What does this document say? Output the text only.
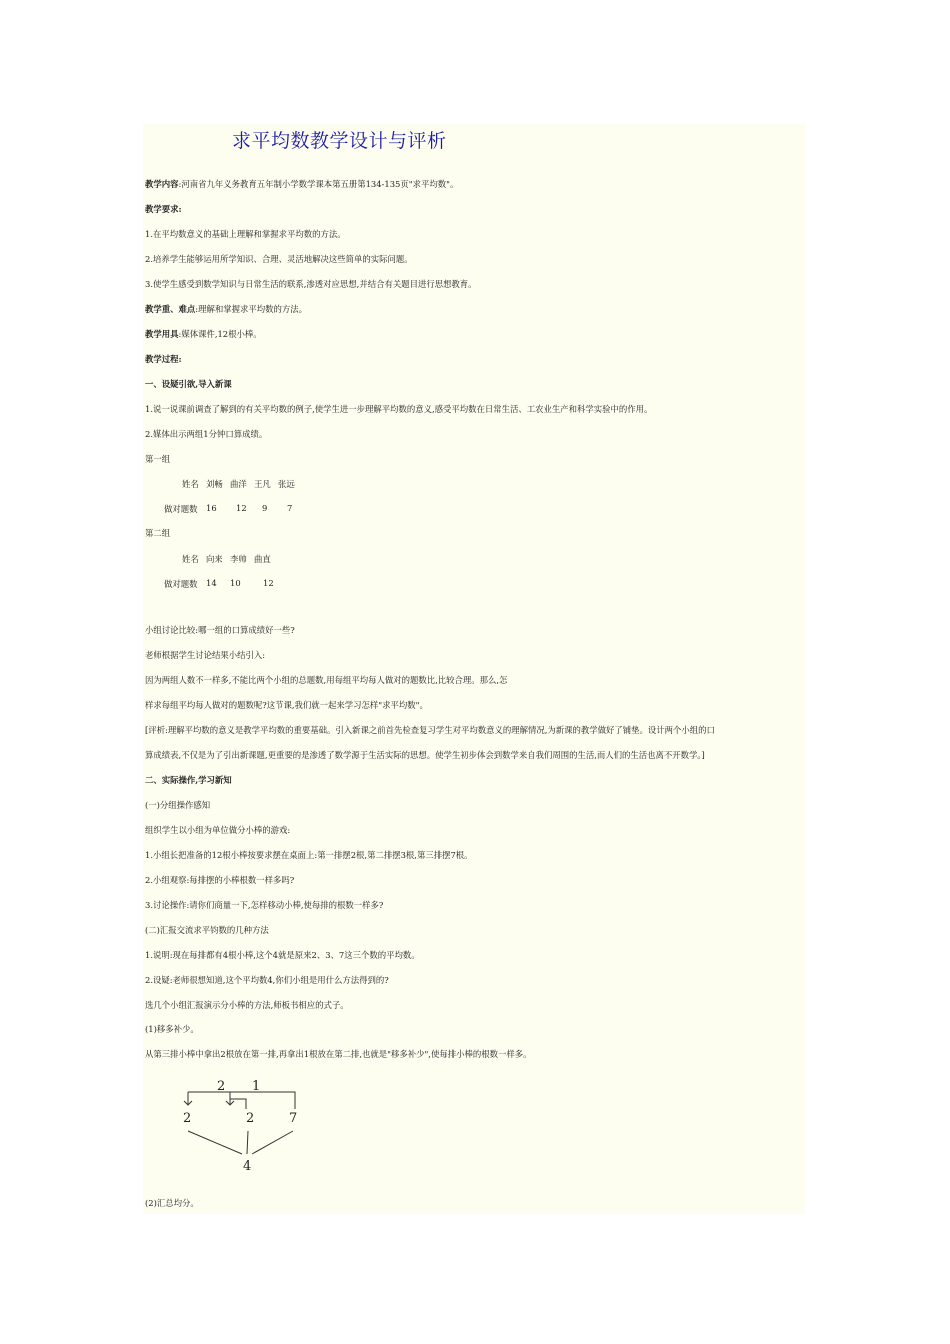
求平均数教学设计与评析
教学内容:河南省九年义务教育五年制小学数学课本第五册第134-135页"求平均数"。
教学要求:
1.在平均数意义的基础上理解和掌握求平均数的方法。
2.培养学生能够运用所学知识、合理、灵活地解决这些简单的实际问题。
3.使学生感受到数学知识与日常生活的联系,渗透对应思想,并结合有关题目进行思想教育。
教学重、难点:理解和掌握求平均数的方法。
教学用具:媒体课件,12根小棒。
教学过程:
一、设疑引欲,导入新课
1.说一说课前调查了解到的有关平均数的例子,使学生进一步理解平均数的意义,感受平均数在日常生活、工农业生产和科学实验中的作用。
2.媒体出示两组1分钟口算成绩。
第一组
姓名 刘畅 曲洋 王凡 张远
做对题数 16 12 9 7
第二组
姓名 向来 李帅 曲直
做对题数 14 10	12
小组讨论比较:哪一组的口算成绩好一些?
老师根据学生讨论结果小结引入:
因为两组人数不一样多,不能比两个小组的总题数,用每组平均每人做对的题数比,比较合理。那么,怎
样求每组平均每人做对的题数呢?这节课,我们就一起来学习怎样"求平均数"。
[评析:理解平均数的意义是教学平均数的重要基础。引入新课之前首先检查复习学生对平均数意义的理解情况,为新课的教学做好了铺垫。设计两个小组的口
算成绩表,不仅是为了引出新课题,更重要的是渗透了数学源于生活实际的思想。使学生初步体会到数学来自我们周围的生活,而人们的生活也离不开数学。]
二、实际操作,学习新知
(一)分组操作感知
组织学生以小组为单位做分小棒的游戏:
1.小组长把准备的12根小棒按要求摆在桌面上:第一排摆2根,第二排摆3根,第三排摆7根。
2.小组观察:每排摆的小棒根数一样多吗?
3.讨论操作:请你们商量一下,怎样移动小棒,使每排的根数一样多?
(二)汇报交流求平钧数的几种方法
1.说明:现在每排都有4根小棒,这个4就是原来2、3、7这三个数的平均数。
2.设疑:老师很想知道,这个平均数4,你们小组是用什么方法得到的?
选几个小组汇报演示分小棒的方法,师板书相应的式子。
(1)移多补少。
从第三排小棒中拿出2根放在第一排,再拿出1根放在第二排,也就是"移多补少",使每排小棒的根数一样多。
2 1
2	2	7
4
(2)汇总均分。
